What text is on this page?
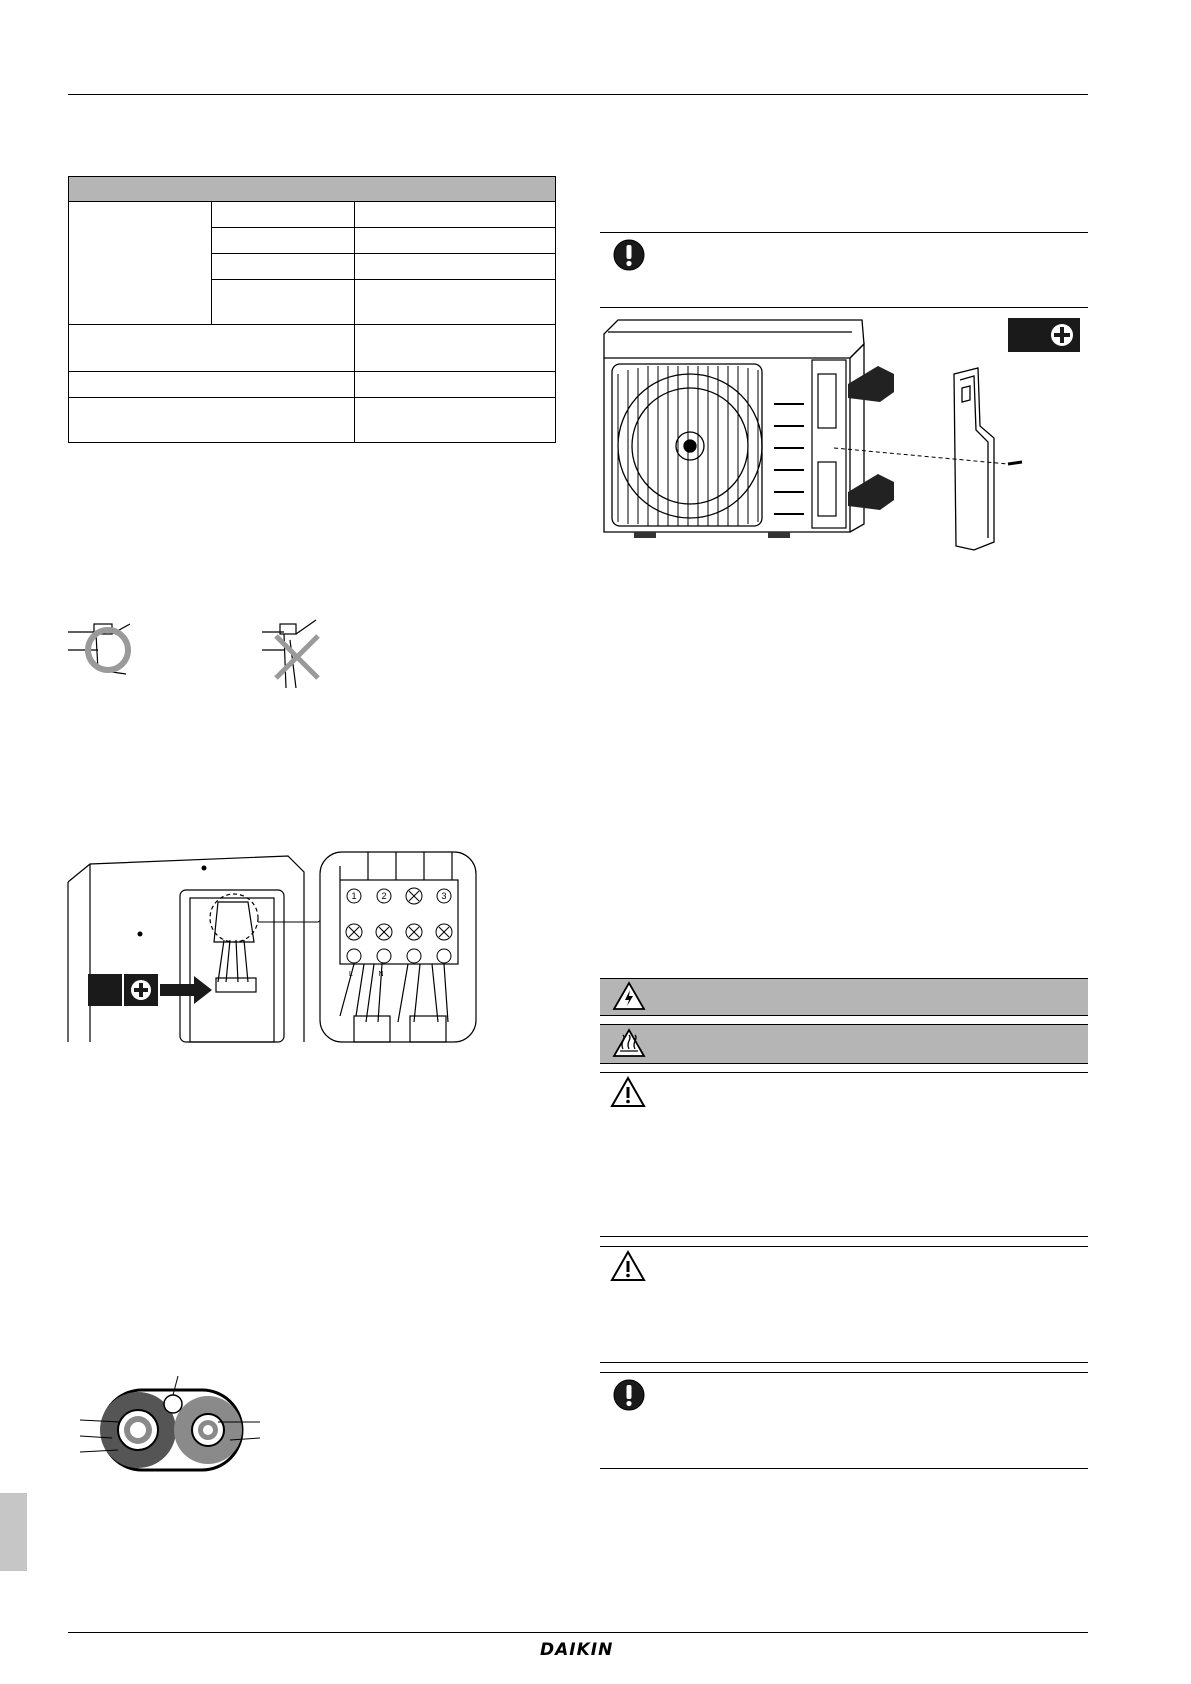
1	2	3
L	N
DAIKIN
